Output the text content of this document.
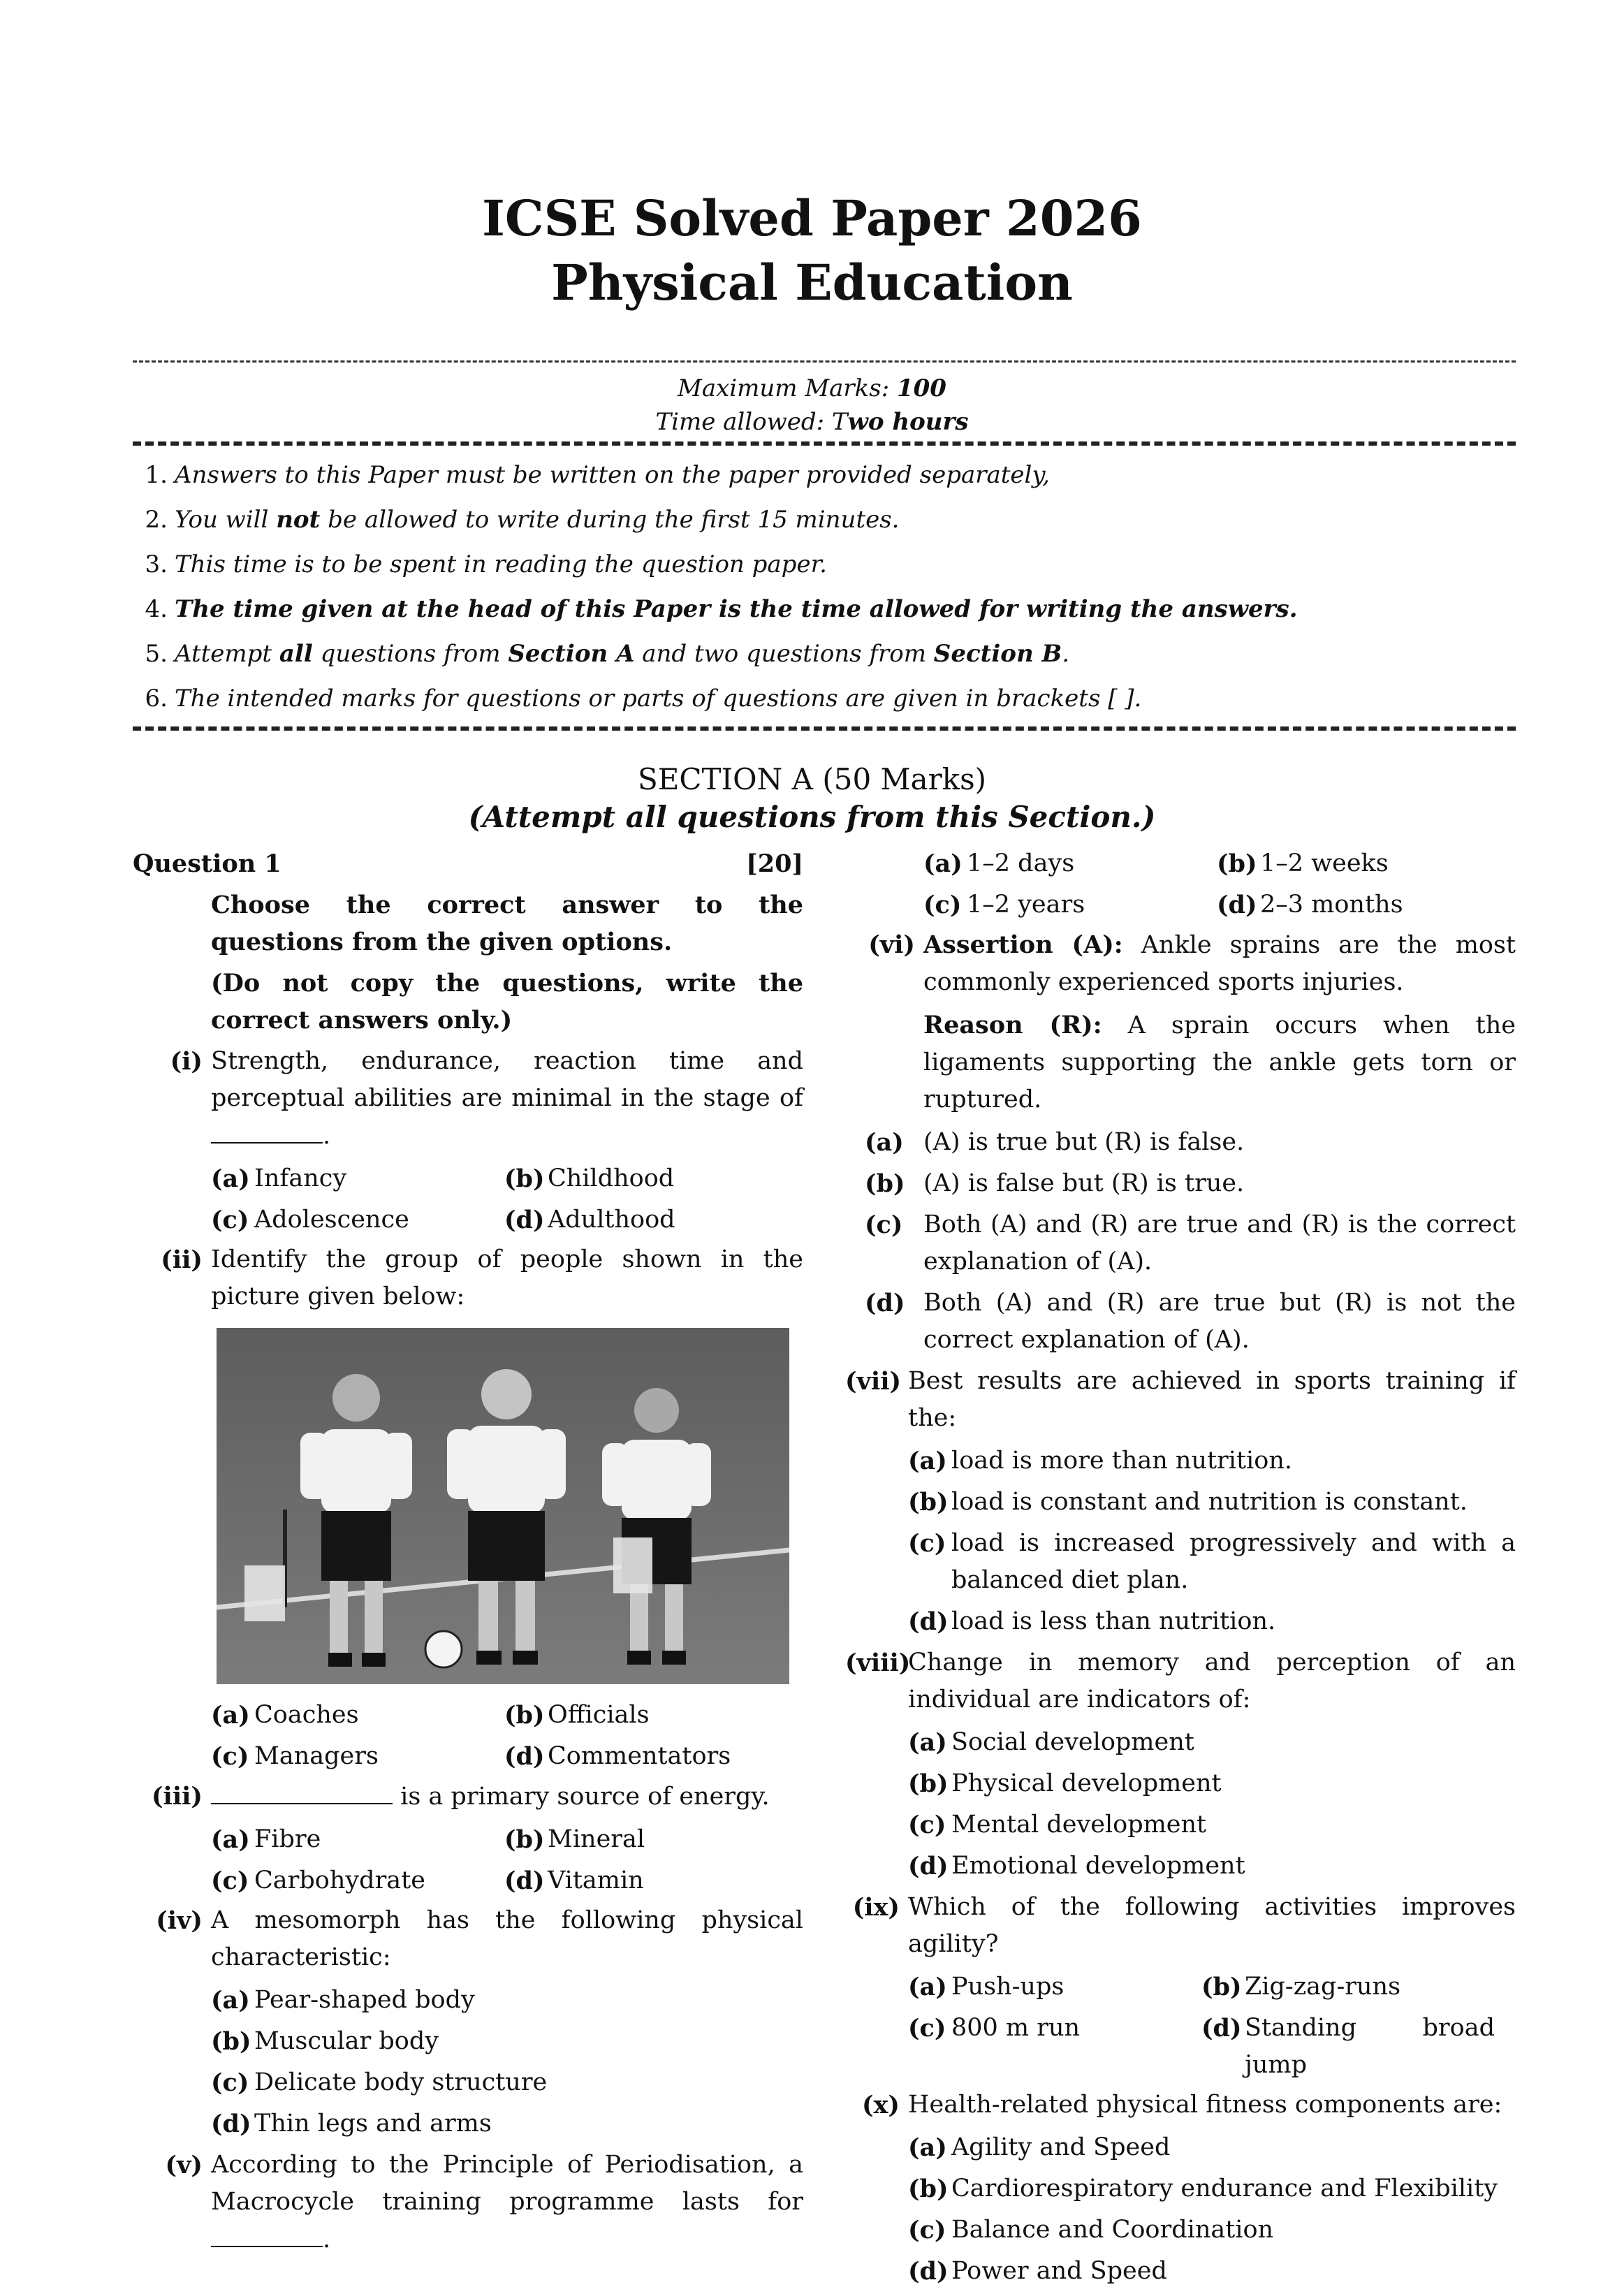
ICSE Solved Paper 2026
Physical Education
Maximum Marks: 100
Time allowed: Two hours
1. Answers to this Paper must be written on the paper provided separately,
2. You will not be allowed to write during the first 15 minutes.
3. This time is to be spent in reading the question paper.
4. The time given at the head of this Paper is the time allowed for writing the answers.
5. Attempt all questions from Section A and two questions from Section B.
6. The intended marks for questions or parts of questions are given in brackets [ ].
SECTION A (50 Marks)
(Attempt all questions from this Section.)
Question 1	[20]
Choose the correct answer to the questions from the given options.
(Do not copy the questions, write the correct answers only.)
(i) Strength, endurance, reaction time and perceptual abilities are minimal in the stage of .
(a) Infancy	(b) Childhood
(c) Adolescence	(d) Adulthood
(ii) Identify the group of people shown in the picture given below:
(a) Coaches	(b) Officials
(c) Managers	(d) Commentators
(iii)	is a primary source of energy.
(a) Fibre	(b) Mineral
(c) Carbohydrate	(d) Vitamin
(iv) A mesomorph has the following physical characteristic:
(a) Pear-shaped body
(b) Muscular body
(c) Delicate body structure
(d) Thin legs and arms
(v) According to the Principle of Periodisation, a Macrocycle training programme lasts for .
(a) 1–2 days	(b) 1–2 weeks
(c) 1–2 years	(d) 2–3 months
(vi) Assertion (A): Ankle sprains are the most commonly experienced sports injuries.
Reason (R): A sprain occurs when the ligaments supporting the ankle gets torn or ruptured.
(a) (A) is true but (R) is false.
(b) (A) is false but (R) is true.
(c) Both (A) and (R) are true and (R) is the correct explanation of (A).
(d) Both (A) and (R) are true but (R) is not the correct explanation of (A).
(vii) Best results are achieved in sports training if the:
(a) load is more than nutrition.
(b) load is constant and nutrition is constant.
(c) load is increased progressively and with a balanced diet plan.
(d) load is less than nutrition.
(viii)
Change in memory and perception of an individual are indicators of:
(a) Social development
(b) Physical development
(c) Mental development
(d) Emotional development
(ix) Which of the following activities improves agility?
(a) Push-ups	(b) Zig-zag-runs
(c) 800 m run	(d) Standing broad jump
(x) Health-related physical fitness components are:
(a) Agility and Speed
(b) Cardiorespiratory endurance and Flexibility
(c) Balance and Coordination
(d) Power and Speed
